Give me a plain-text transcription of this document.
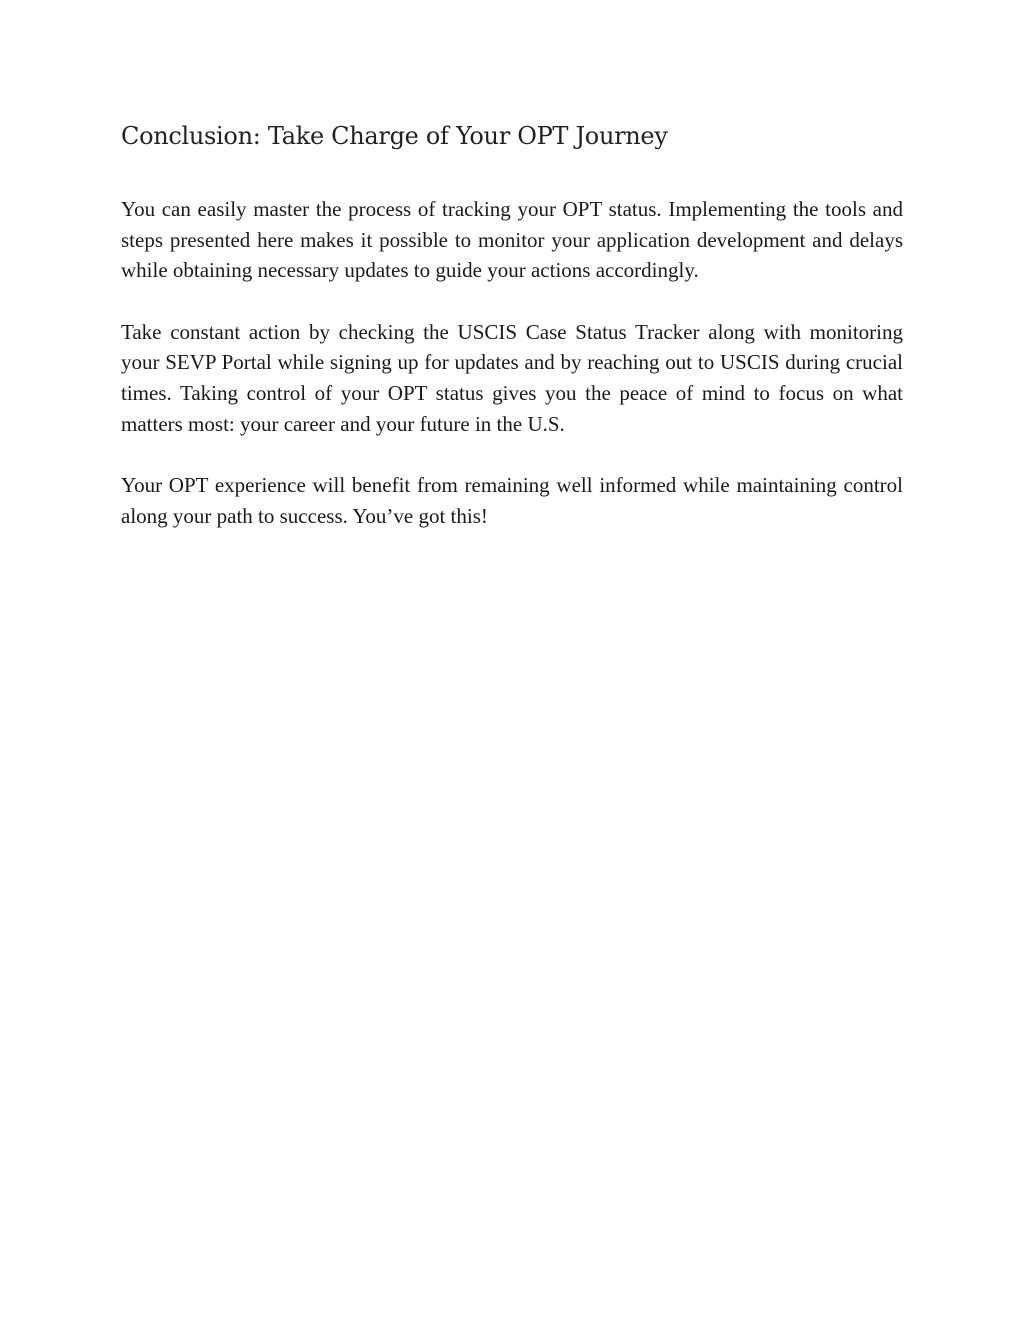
Conclusion: Take Charge of Your OPT Journey

You can easily master the process of tracking your OPT status. Implementing the tools and steps presented here makes it possible to monitor your application development and delays while obtaining necessary updates to guide your actions accordingly.

Take constant action by checking the USCIS Case Status Tracker along with monitoring your SEVP Portal while signing up for updates and by reaching out to USCIS during crucial times. Taking control of your OPT status gives you the peace of mind to focus on what matters most: your career and your future in the U.S.

Your OPT experience will benefit from remaining well informed while maintaining control along your path to success. You’ve got this!
